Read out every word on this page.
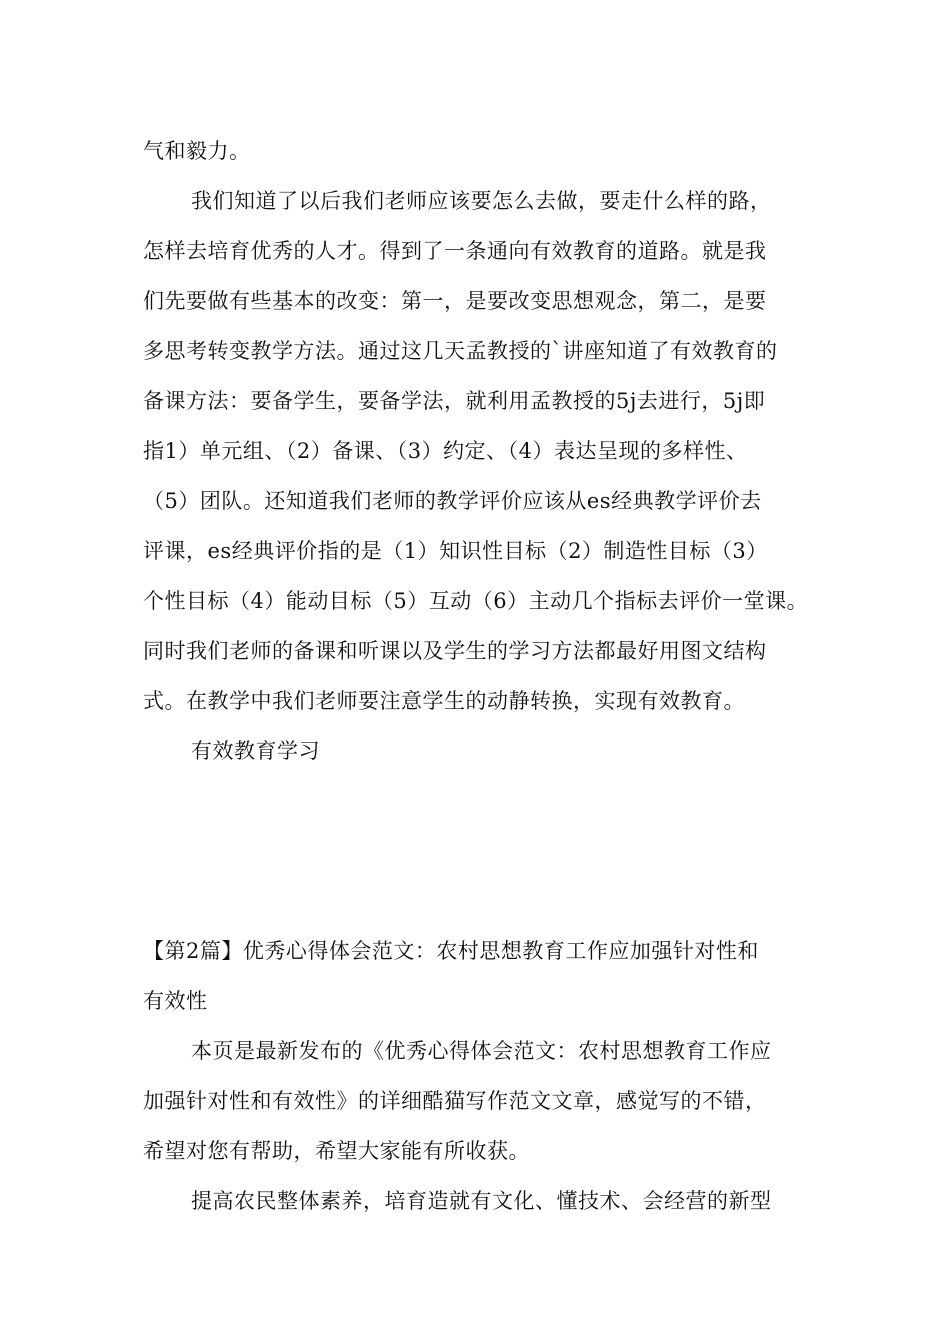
气和毅力。
我们知道了以后我们老师应该要怎么去做，要走什么样的路，
怎样去培育优秀的人才。得到了一条通向有效教育的道路。就是我
们先要做有些基本的改变：第一，是要改变思想观念，第二，是要
多思考转变教学方法。通过这几天孟教授的`讲座知道了有效教育的
备课方法：要备学生，要备学法，就利用孟教授的5j去进行，5j即
指1）单元组、（2）备课、（3）约定、（4）表达呈现的多样性、
（5）团队。还知道我们老师的教学评价应该从es经典教学评价去
评课，es经典评价指的是（1）知识性目标（2）制造性目标（3）
个性目标（4）能动目标（5）互动（6）主动几个指标去评价一堂课。
同时我们老师的备课和听课以及学生的学习方法都最好用图文结构
式。在教学中我们老师要注意学生的动静转换，实现有效教育。
有效教育学习
【第2篇】优秀心得体会范文：农村思想教育工作应加强针对性和
有效性
本页是最新发布的《优秀心得体会范文：农村思想教育工作应
加强针对性和有效性》的详细酷猫写作范文文章，感觉写的不错，
希望对您有帮助，希望大家能有所收获。
提高农民整体素养，培育造就有文化、懂技术、会经营的新型
